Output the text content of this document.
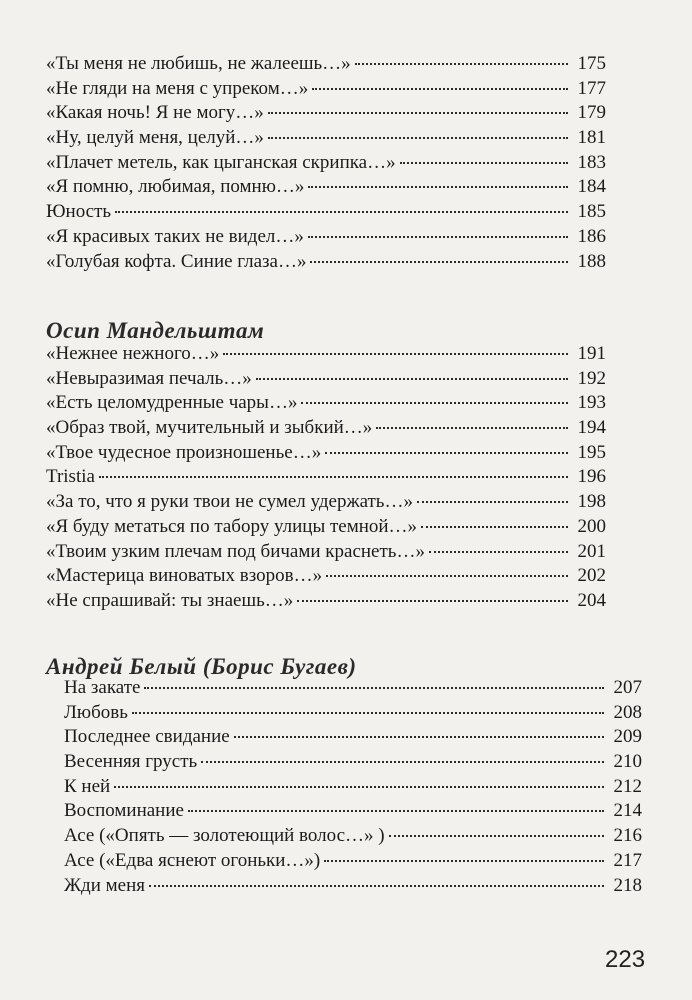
«Ты меня не любишь, не жалеешь…»	175
«Не гляди на меня с упреком…»	177
«Какая ночь! Я не могу…»	179
«Ну, целуй меня, целуй…»	181
«Плачет метель, как цыганская скрипка…»	183
«Я помню, любимая, помню…»	184
Юность	185
«Я красивых таких не видел…»	186
«Голубая кофта. Синие глаза…»	188
Осип Мандельштам
«Нежнее нежного…»	191
«Невыразимая печаль…»	192
«Есть целомудренные чары…»	193
«Образ твой, мучительный и зыбкий…»	194
«Твое чудесное произношенье…»	195
Tristia	196
«За то, что я руки твои не сумел удержать…»	198
«Я буду метаться по табору улицы темной…»	200
«Твоим узким плечам под бичами краснеть…»	201
«Мастерица виноватых взоров…»	202
«Не спрашивай: ты знаешь…»	204
Андрей Белый (Борис Бугаев)
На закате	207
Любовь	208
Последнее свидание	209
Весенняя грусть	210
К ней	212
Воспоминание	214
Асе («Опять — золотеющий волос…» )	216
Асе («Едва яснеют огоньки…»)	217
Жди меня	218
223
